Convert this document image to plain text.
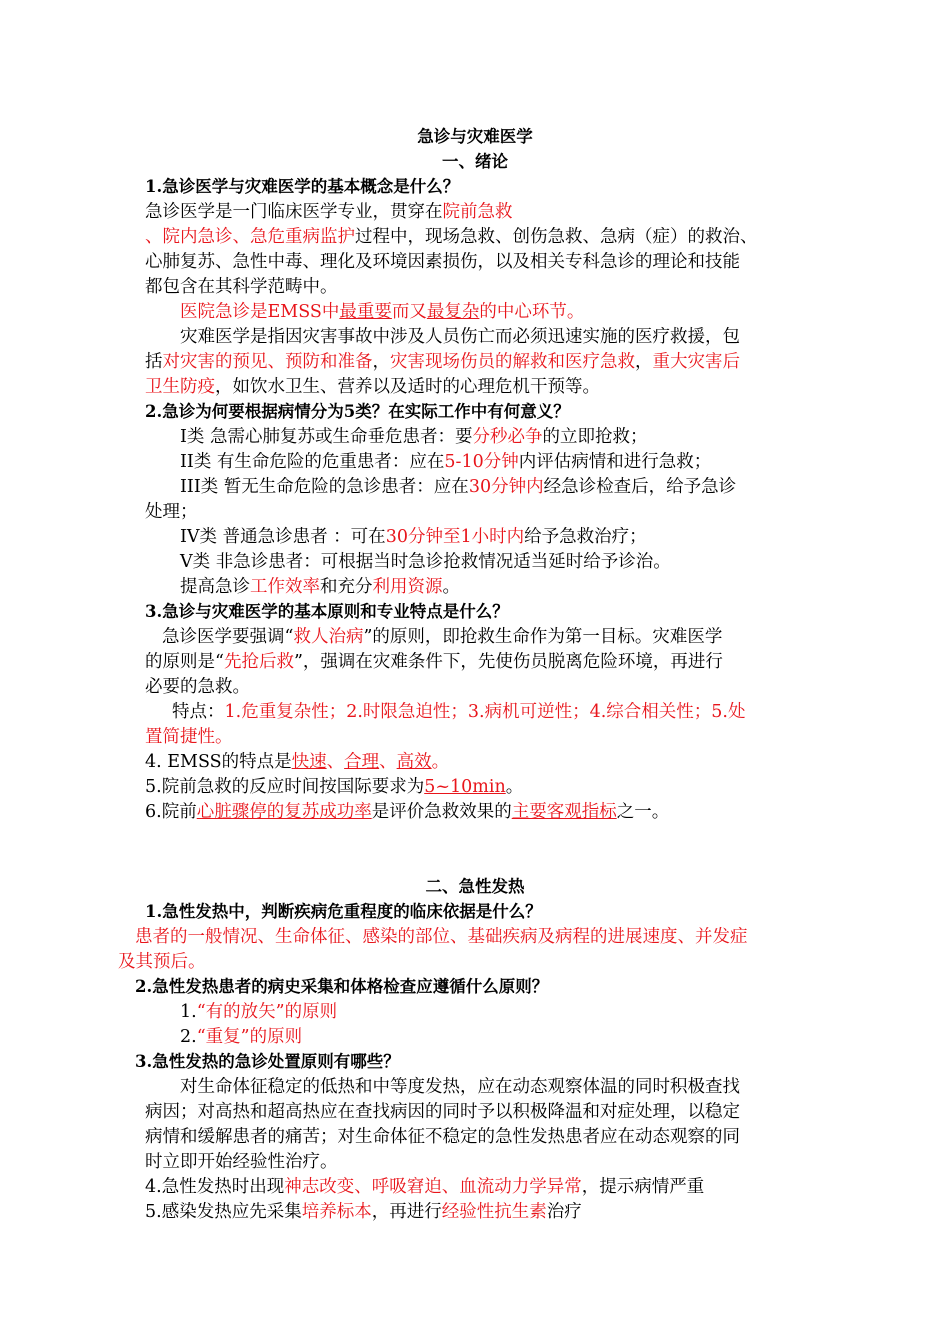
急诊与灾难医学
一、绪论
1.急诊医学与灾难医学的基本概念是什么？
急诊医学是一门临床医学专业，贯穿在院前急救
、院内急诊、急危重病监护过程中，现场急救、创伤急救、急病（症）的救治、
心肺复苏、急性中毒、理化及环境因素损伤，以及相关专科急诊的理论和技能
都包含在其科学范畴中。
医院急诊是EMSS中最重要而又最复杂的中心环节。
灾难医学是指因灾害事故中涉及人员伤亡而必须迅速实施的医疗救援，包
括对灾害的预见、预防和准备，灾害现场伤员的解救和医疗急救，重大灾害后
卫生防疫，如饮水卫生、营养以及适时的心理危机干预等。
2.急诊为何要根据病情分为5类？在实际工作中有何意义？
I类 急需心肺复苏或生命垂危患者：要分秒必争的立即抢救；
II类 有生命危险的危重患者：应在5-10分钟内评估病情和进行急救；
III类 暂无生命危险的急诊患者：应在30分钟内经急诊检查后，给予急诊
处理；
IV类 普通急诊患者 ：可在30分钟至1小时内给予急救治疗；
V类 非急诊患者：可根据当时急诊抢救情况适当延时给予诊治。
提高急诊工作效率和充分利用资源。
3.急诊与灾难医学的基本原则和专业特点是什么？
急诊医学要强调“救人治病”的原则，即抢救生命作为第一目标。灾难医学
的原则是“先抢后救”，强调在灾难条件下，先使伤员脱离危险环境，再进行
必要的急救。
特点：1.危重复杂性；2.时限急迫性；3.病机可逆性；4.综合相关性；5.处
置简捷性。
4. EMSS的特点是快速、合理、高效。
5.院前急救的反应时间按国际要求为5~10min。
6.院前心脏骤停的复苏成功率是评价急救效果的主要客观指标之一。
二、急性发热
1.急性发热中，判断疾病危重程度的临床依据是什么？
患者的一般情况、生命体征、感染的部位、基础疾病及病程的进展速度、并发症
及其预后。
2.急性发热患者的病史采集和体格检查应遵循什么原则？
1.“有的放矢”的原则
2.“重复”的原则
3.急性发热的急诊处置原则有哪些？
对生命体征稳定的低热和中等度发热，应在动态观察体温的同时积极查找
病因；对高热和超高热应在查找病因的同时予以积极降温和对症处理，以稳定
病情和缓解患者的痛苦；对生命体征不稳定的急性发热患者应在动态观察的同
时立即开始经验性治疗。
4.急性发热时出现神志改变、呼吸窘迫、血流动力学异常，提示病情严重
5.感染发热应先采集培养标本，再进行经验性抗生素治疗
